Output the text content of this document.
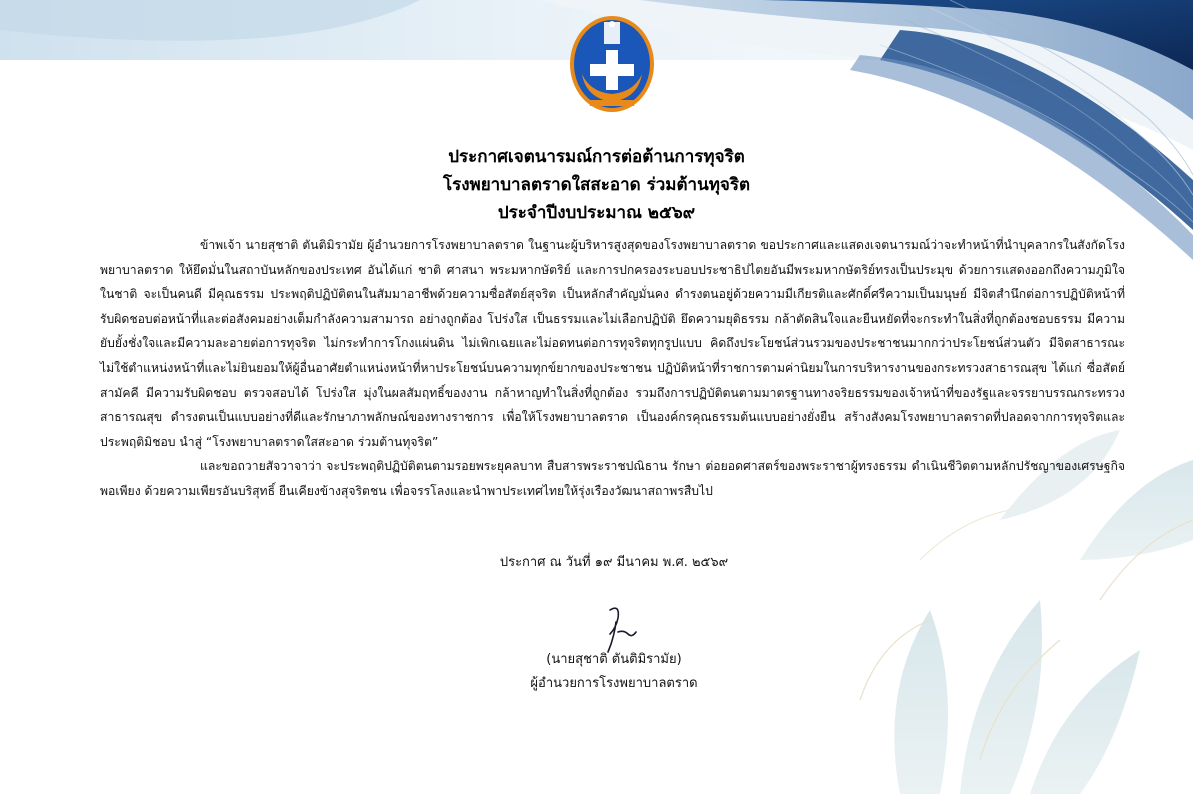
ประกาศเจตนารมณ์การต่อต้านการทุจริต
โรงพยาบาลตราดใสสะอาด ร่วมต้านทุจริต
ประจำปีงบประมาณ ๒๕๖๙

ข้าพเจ้า นายสุชาติ ตันติมิรามัย ผู้อำนวยการโรงพยาบาลตราด ในฐานะผู้บริหารสูงสุดของโรงพยาบาลตราด ขอประกาศและแสดงเจตนารมณ์ว่าจะทำหน้าที่นำบุคลากรในสังกัดโรงพยาบาลตราด ให้ยึดมั่นในสถาบันหลักของประเทศ อันได้แก่ ชาติ ศาสนา พระมหากษัตริย์ และการปกครองระบอบประชาธิปไตยอันมีพระมหากษัตริย์ทรงเป็นประมุข ด้วยการแสดงออกถึงความภูมิใจในชาติ จะเป็นคนดี มีคุณธรรม ประพฤติปฏิบัติตนในสัมมาอาชีพด้วยความซื่อสัตย์สุจริต เป็นหลักสำคัญมั่นคง ดำรงตนอยู่ด้วยความมีเกียรติและศักดิ์ศรีความเป็นมนุษย์ มีจิตสำนึกต่อการปฏิบัติหน้าที่ รับผิดชอบต่อหน้าที่และต่อสังคมอย่างเต็มกำลังความสามารถ อย่างถูกต้อง โปร่งใส เป็นธรรมและไม่เลือกปฏิบัติ ยึดความยุติธรรม กล้าตัดสินใจและยืนหยัดที่จะกระทำในสิ่งที่ถูกต้องชอบธรรม มีความยับยั้งชั่งใจและมีความละอายต่อการทุจริต ไม่กระทำการโกงแผ่นดิน ไม่เพิกเฉยและไม่อดทนต่อการทุจริตทุกรูปแบบ คิดถึงประโยชน์ส่วนรวมของประชาชนมากกว่าประโยชน์ส่วนตัว มีจิตสาธารณะ ไม่ใช้ตำแหน่งหน้าที่และไม่ยินยอมให้ผู้อื่นอาศัยตำแหน่งหน้าที่หาประโยชน์บนความทุกข์ยากของประชาชน ปฏิบัติหน้าที่ราชการตามค่านิยมในการบริหารงานของกระทรวงสาธารณสุข ได้แก่ ซื่อสัตย์ สามัคคี มีความรับผิดชอบ ตรวจสอบได้ โปร่งใส มุ่งในผลสัมฤทธิ์ของงาน กล้าหาญทำในสิ่งที่ถูกต้อง รวมถึงการปฏิบัติตนตามมาตรฐานทางจริยธรรมของเจ้าหน้าที่ของรัฐและจรรยาบรรณกระทรวงสาธารณสุข ดำรงตนเป็นแบบอย่างที่ดีและรักษาภาพลักษณ์ของทางราชการ เพื่อให้โรงพยาบาลตราด เป็นองค์กรคุณธรรมต้นแบบอย่างยั่งยืน สร้างสังคมโรงพยาบาลตราดที่ปลอดจากการทุจริตและประพฤติมิชอบ นำสู่ “โรงพยาบาลตราดใสสะอาด ร่วมต้านทุจริต”

และขอถวายสัจวาจาว่า จะประพฤติปฏิบัติตนตามรอยพระยุคลบาท สืบสารพระราชปณิธาน รักษา ต่อยอดศาสตร์ของพระราชาผู้ทรงธรรม ดำเนินชีวิตตามหลักปรัชญาของเศรษฐกิจพอเพียง ด้วยความเพียรอันบริสุทธิ์ ยืนเคียงข้างสุจริตชน เพื่อจรรโลงและนำพาประเทศไทยให้รุ่งเรืองวัฒนาสถาพรสืบไป

ประกาศ ณ วันที่ ๑๙ มีนาคม พ.ศ. ๒๕๖๙
(นายสุชาติ ตันติมิรามัย)
ผู้อำนวยการโรงพยาบาลตราด
